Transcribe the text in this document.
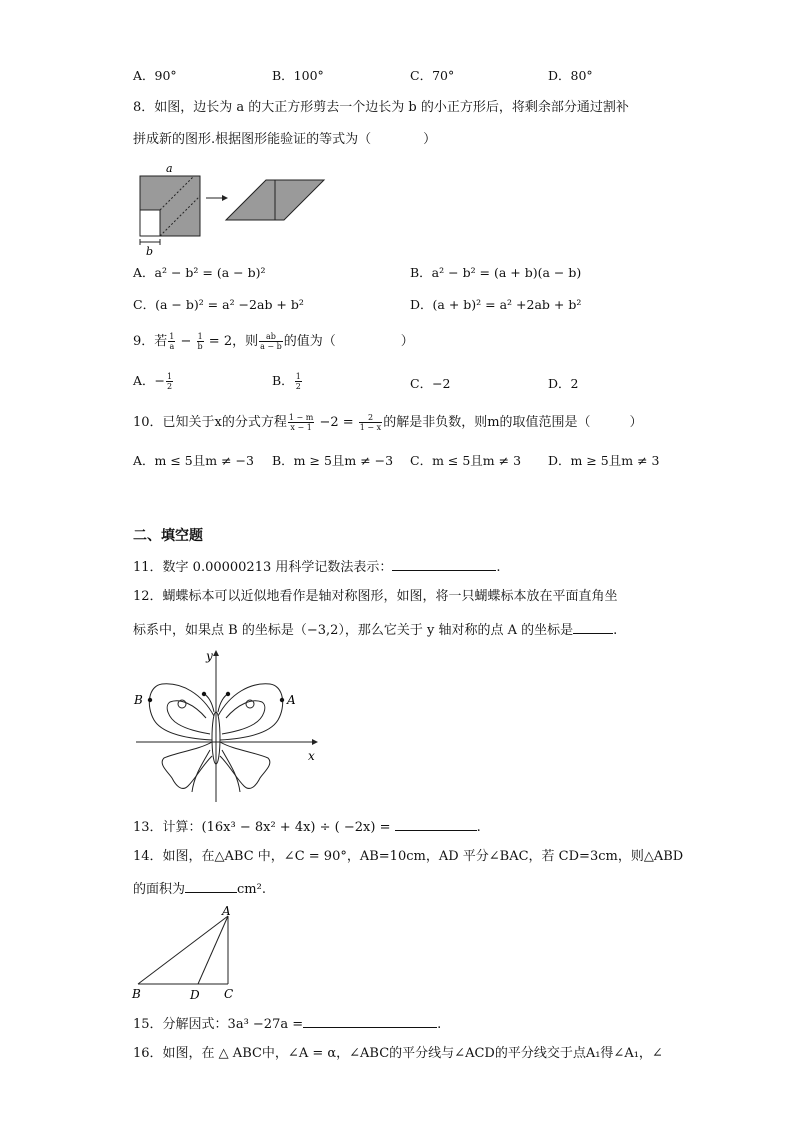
A．90°	B．100°	C．70°	D．80°
8．如图，边长为 a 的大正方形剪去一个边长为 b 的小正方形后，将剩余部分通过割补
拼成新的图形.根据图形能验证的等式为（　　　　）
a
b
A．a² − b² = (a − b)²	B．a² − b² = (a + b)(a − b)
C．(a − b)² = a² −2ab + b²	D．(a + b)² = a² +2ab + b²
9．若 $\frac{1}{a} - \frac{1}{b} = 2$，则 $\frac{ab}{a - b}$ 的值为（　　　　　）
A．− $\frac{1}{2}$	B． $\frac{1}{2}$	C．−2	D．2
10．已知关于x的分式方程 $\frac{1 - m}{x - 1} -2 = \frac{2}{1 - x}$ 的解是非负数，则m的取值范围是（　　　）
A．m ≤ 5且m ≠ −3 B．m ≥ 5且m ≠ −3 C．m ≤ 5且m ≠ 3 D．m ≥ 5且m ≠ 3
二、填空题
11．数字 0.00000213 用科学记数法表示：	.
12．蝴蝶标本可以近似地看作是轴对称图形，如图，将一只蝴蝶标本放在平面直角坐
标系中，如果点 B 的坐标是（−3,2），那么它关于 y 轴对称的点 A 的坐标是	.
y
x
B	A
13．计算：(16x³ − 8x² + 4x) ÷ ( −2x) =	.
14．如图，在△ABC 中，∠C = 90°，AB=10cm，AD 平分∠BAC，若 CD=3cm，则△ABD
的面积为	cm².
A
B	D C
15．分解因式：3a³ −27a =	.
16．如图，在 △ ABC中，∠A = α，∠ABC的平分线与∠ACD的平分线交于点A₁得∠A₁，∠
